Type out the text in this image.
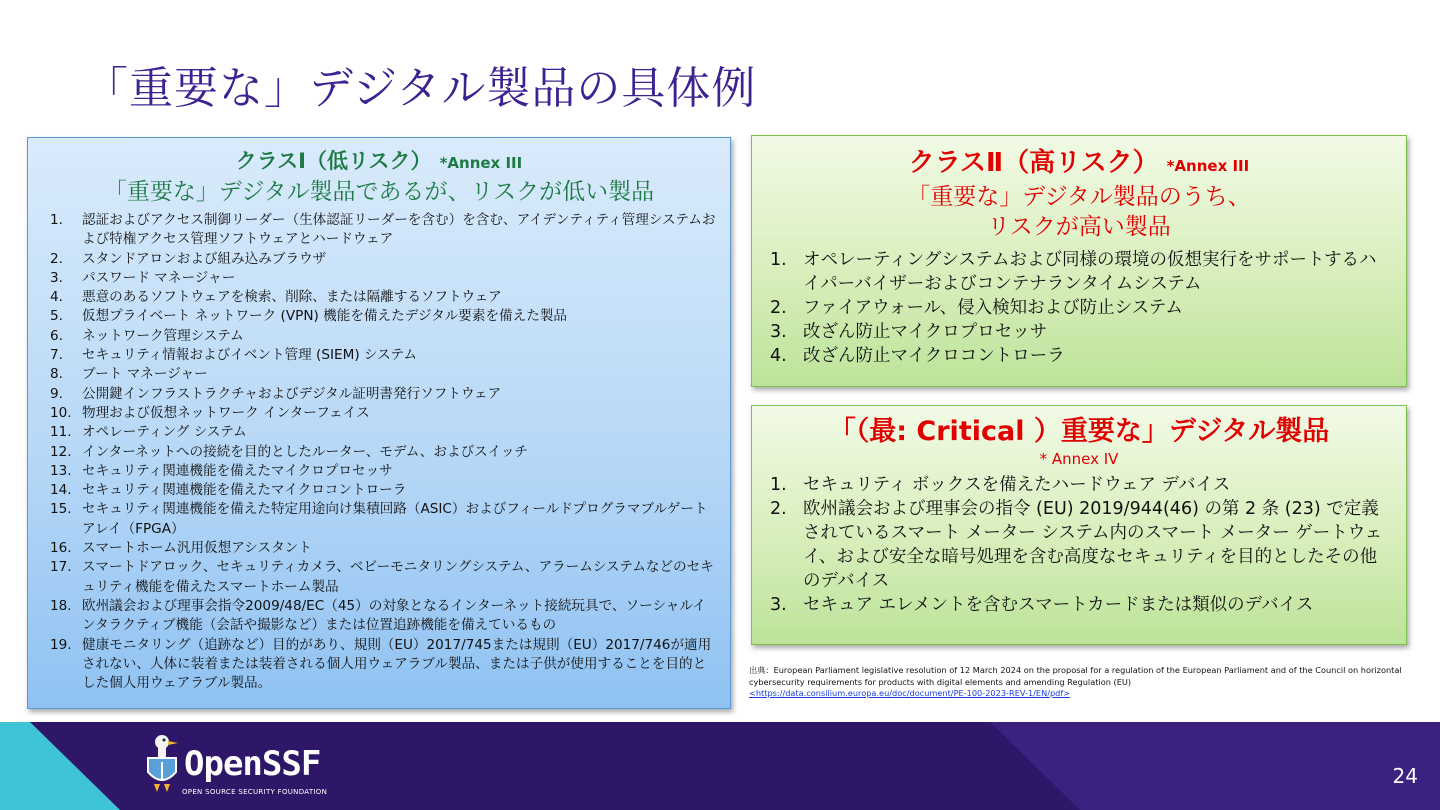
「重要な」デジタル製品の具体例
クラスⅠ（低リスク） *Annex III
「重要な」デジタル製品であるが、リスクが低い製品
1.	認証およびアクセス制御リーダー（生体認証リーダーを含む）を含む、アイデンティティ管理システムおよび特権アクセス管理ソフトウェアとハードウェア
2.	スタンドアロンおよび組み込みブラウザ
3.	パスワード マネージャー
4.	悪意のあるソフトウェアを検索、削除、または隔離するソフトウェア
5.	仮想プライベート ネットワーク (VPN) 機能を備えたデジタル要素を備えた製品
6.	ネットワーク管理システム
7.	セキュリティ情報およびイベント管理 (SIEM) システム
8.	ブート マネージャー
9.	公開鍵インフラストラクチャおよびデジタル証明書発行ソフトウェア
10. 物理および仮想ネットワーク インターフェイス
11. オペレーティング システム
12. インターネットへの接続を目的としたルーター、モデム、およびスイッチ
13. セキュリティ関連機能を備えたマイクロプロセッサ
14. セキュリティ関連機能を備えたマイクロコントローラ
15. セキュリティ関連機能を備えた特定用途向け集積回路（ASIC）およびフィールドプログラマブルゲートアレイ（FPGA）
16. スマートホーム汎用仮想アシスタント
17. スマートドアロック、セキュリティカメラ、ベビーモニタリングシステム、アラームシステムなどのセキュリティ機能を備えたスマートホーム製品
18. 欧州議会および理事会指令2009/48/EC（45）の対象となるインターネット接続玩具で、ソーシャルインタラクティブ機能（会話や撮影など）または位置追跡機能を備えているもの
19. 健康モニタリング（追跡など）目的があり、規則（EU）2017/745または規則（EU）2017/746が適用されない、人体に装着または装着される個人用ウェアラブル製品、または子供が使用することを目的とした個人用ウェアラブル製品。
クラスⅡ（高リスク） *Annex III
「重要な」デジタル製品のうち、
リスクが高い製品
1. オペレーティングシステムおよび同様の環境の仮想実行をサポートするハイパーバイザーおよびコンテナランタイムシステム
2. ファイアウォール、侵入検知および防止システム
3. 改ざん防止マイクロプロセッサ
4. 改ざん防止マイクロコントローラ
「（最: Critical ）重要な」デジタル製品
* Annex IV
1. セキュリティ ボックスを備えたハードウェア デバイス
2. 欧州議会および理事会の指令 (EU) 2019/944(46) の第 2 条 (23) で定義されているスマート メーター システム内のスマート メーター ゲートウェイ、および安全な暗号処理を含む高度なセキュリティを目的としたその他のデバイス
3. セキュア エレメントを含むスマートカードまたは類似のデバイス
出典：European Parliament legislative resolution of 12 March 2024 on the proposal for a regulation of the European Parliament and of the Council on horizontal cybersecurity requirements for products with digital elements and amending Regulation (EU)
<https://data.consilium.europa.eu/doc/document/PE-100-2023-REV-1/EN/pdf>
OpenSSF
OPEN SOURCE SECURITY FOUNDATION
24
